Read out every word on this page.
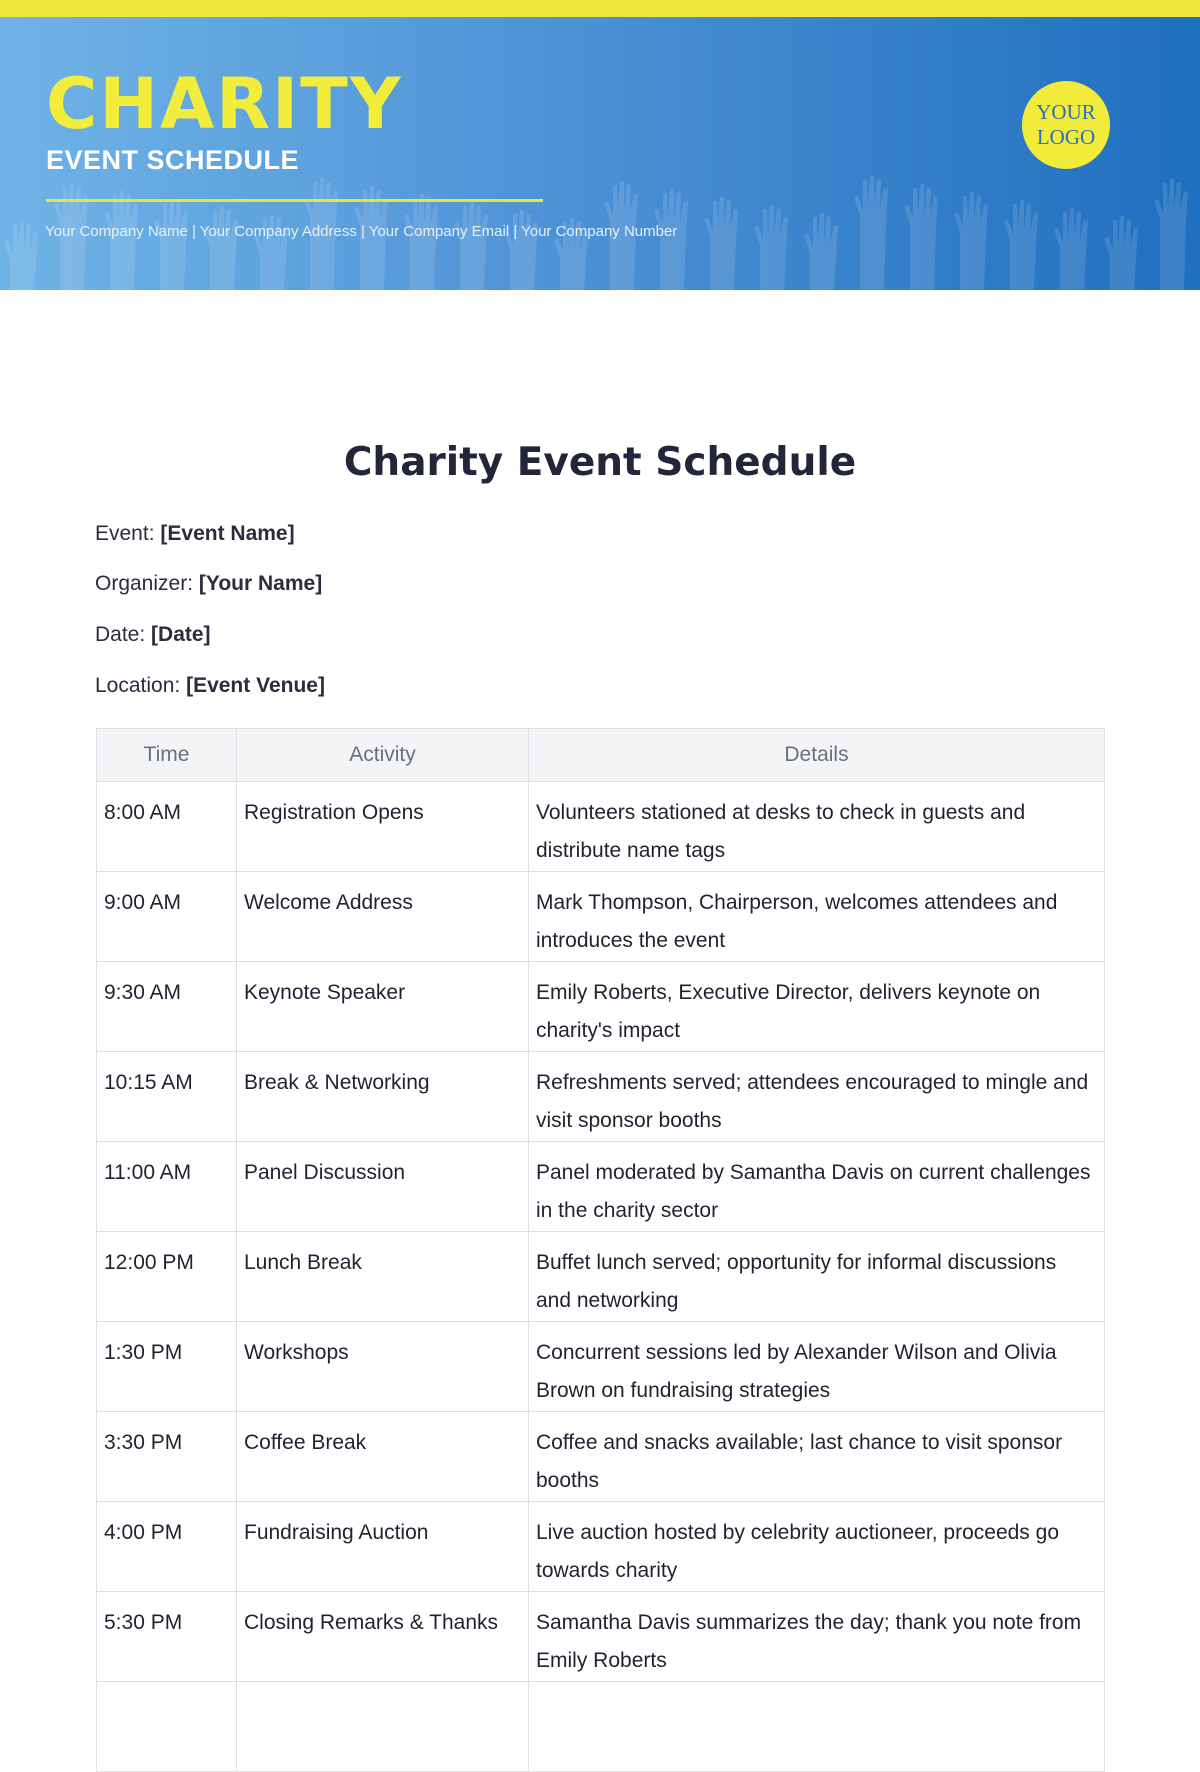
CHARITY
EVENT SCHEDULE
Your Company Name | Your Company Address | Your Company Email | Your Company Number
YOUR
LOGO
Charity Event Schedule
Event: [Event Name]
Organizer: [Your Name]
Date: [Date]
Location: [Event Venue]
Time	Activity	Details
8:00 AM	Registration Opens	Volunteers stationed at desks to check in guests and distribute name tags
9:00 AM	Welcome Address	Mark Thompson, Chairperson, welcomes attendees and introduces the event
9:30 AM	Keynote Speaker	Emily Roberts, Executive Director, delivers keynote on charity's impact
10:15 AM	Break & Networking	Refreshments served; attendees encouraged to mingle and visit sponsor booths
11:00 AM	Panel Discussion	Panel moderated by Samantha Davis on current challenges in the charity sector
12:00 PM	Lunch Break	Buffet lunch served; opportunity for informal discussions and networking
1:30 PM	Workshops	Concurrent sessions led by Alexander Wilson and Olivia Brown on fundraising strategies
3:30 PM	Coffee Break	Coffee and snacks available; last chance to visit sponsor booths
4:00 PM	Fundraising Auction	Live auction hosted by celebrity auctioneer, proceeds go towards charity
5:30 PM	Closing Remarks & Thanks	Samantha Davis summarizes the day; thank you note from Emily Roberts
